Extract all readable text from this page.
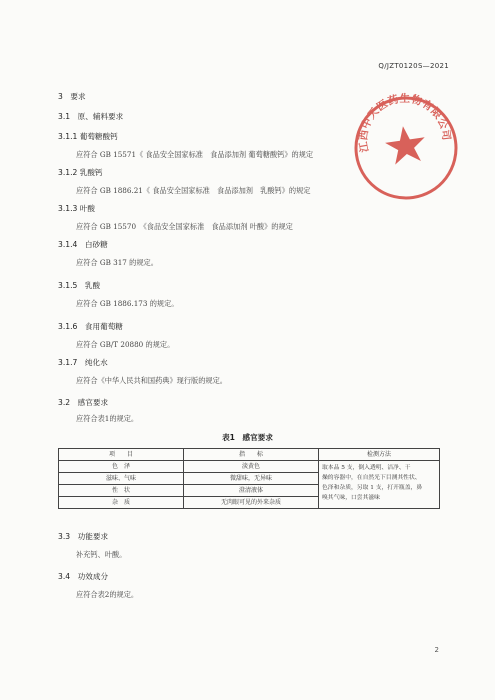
Q/JZT0120S—2021
3　要求
3.1　原、辅料要求
3.1.1 葡萄糖酸钙
应符合 GB 15571《 食品安全国家标准　食品添加剂 葡萄糖酸钙》的规定
3.1.2 乳酸钙
应符合 GB 1886.21《 食品安全国家标准　食品添加剂　乳酸钙》的规定
3.1.3 叶酸
应符合 GB 15570　《食品安全国家标准　食品添加剂 叶酸》的规定
3.1.4　白砂糖
应符合 GB 317 的规定。
3.1.5　乳酸
应符合 GB 1886.173 的规定。
3.1.6　食用葡萄糖
应符合 GB/T 20880 的规定。
3.1.7　纯化水
应符合《中华人民共和国药典》现行版的规定。
3.2　感官要求
应符合表1的规定。
表1　感官要求
项　　目	指　　标	检测方法
色　泽	淡黄色	取本品 5 支，倒入透明、洁净、干
燥的容器中，在自然光下目测其性状、
色泽和杂质，另取 1 支，打开瓶盖，鼻
嗅其气味，口尝其滋味

滋味、气味	微甜味，无异味	
性　状	澄清液体	
杂　质	无肉眼可见的外来杂质	
3.3　功能要求
补充钙、叶酸。
3.4　功效成分
应符合表2的规定。
2
江西中天医药生物有限公司
